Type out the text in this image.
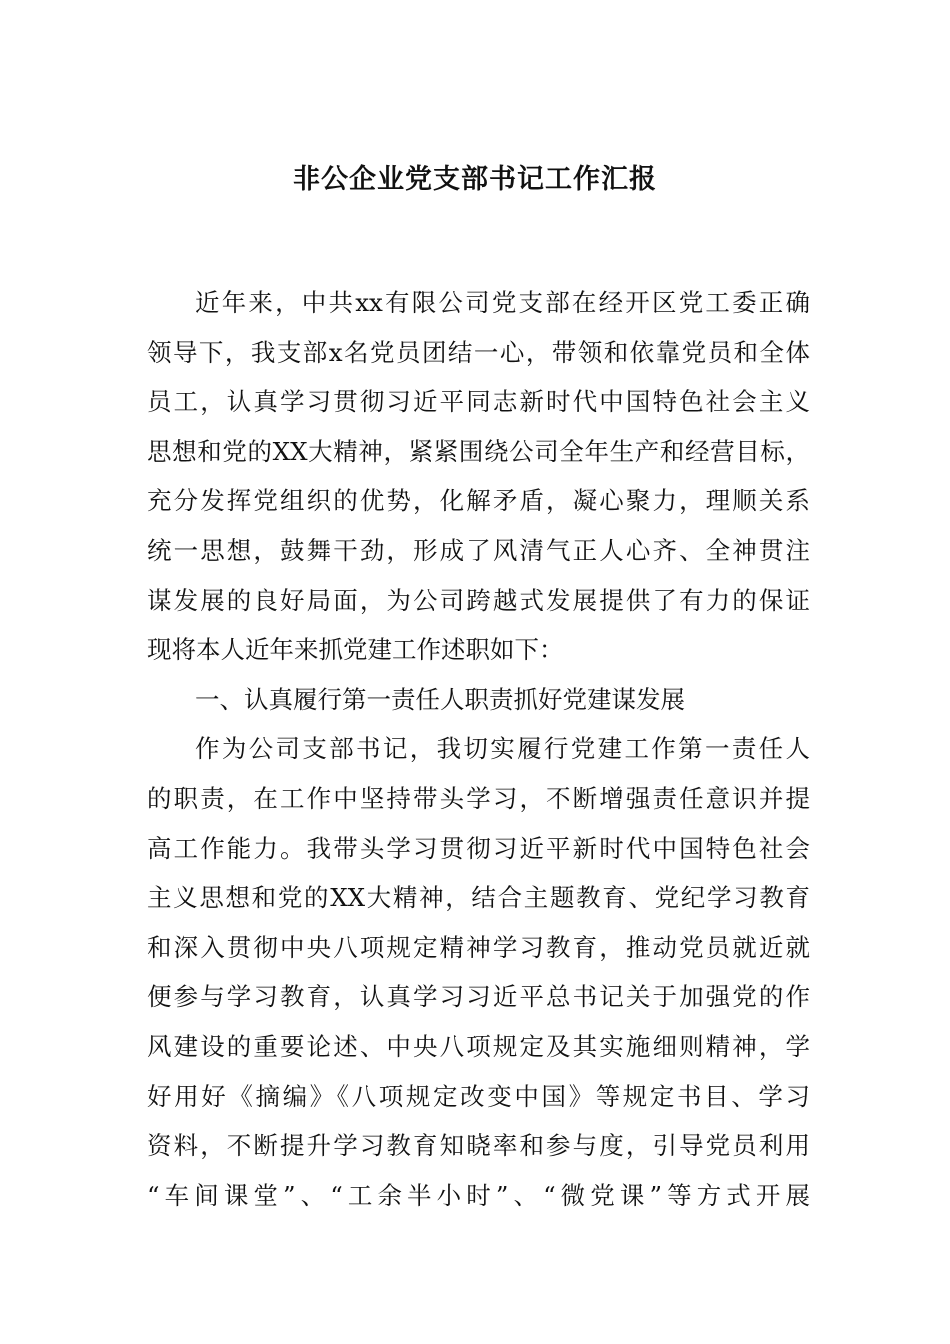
非公企业党支部书记工作汇报
近年来，中共xx有限公司党支部在经开区党工委正确
领导下，我支部x名党员团结一心，带领和依靠党员和全体
员工，认真学习贯彻习近平同志新时代中国特色社会主义
思想和党的XX大精神，紧紧围绕公司全年生产和经营目标，
充分发挥党组织的优势，化解矛盾，凝心聚力，理顺关系
统一思想，鼓舞干劲，形成了风清气正人心齐、全神贯注
谋发展的良好局面，为公司跨越式发展提供了有力的保证
现将本人近年来抓党建工作述职如下：
一、认真履行第一责任人职责抓好党建谋发展
作为公司支部书记，我切实履行党建工作第一责任人
的职责，在工作中坚持带头学习，不断增强责任意识并提
高工作能力。我带头学习贯彻习近平新时代中国特色社会
主义思想和党的XX大精神，结合主题教育、党纪学习教育
和深入贯彻中央八项规定精神学习教育，推动党员就近就
便参与学习教育，认真学习习近平总书记关于加强党的作
风建设的重要论述、中央八项规定及其实施细则精神，学
好用好《摘编》《八项规定改变中国》等规定书目、学习
资料，不断提升学习教育知晓率和参与度，引导党员利用
“车间课堂”、“工余半小时”、“微党课”等方式开展
